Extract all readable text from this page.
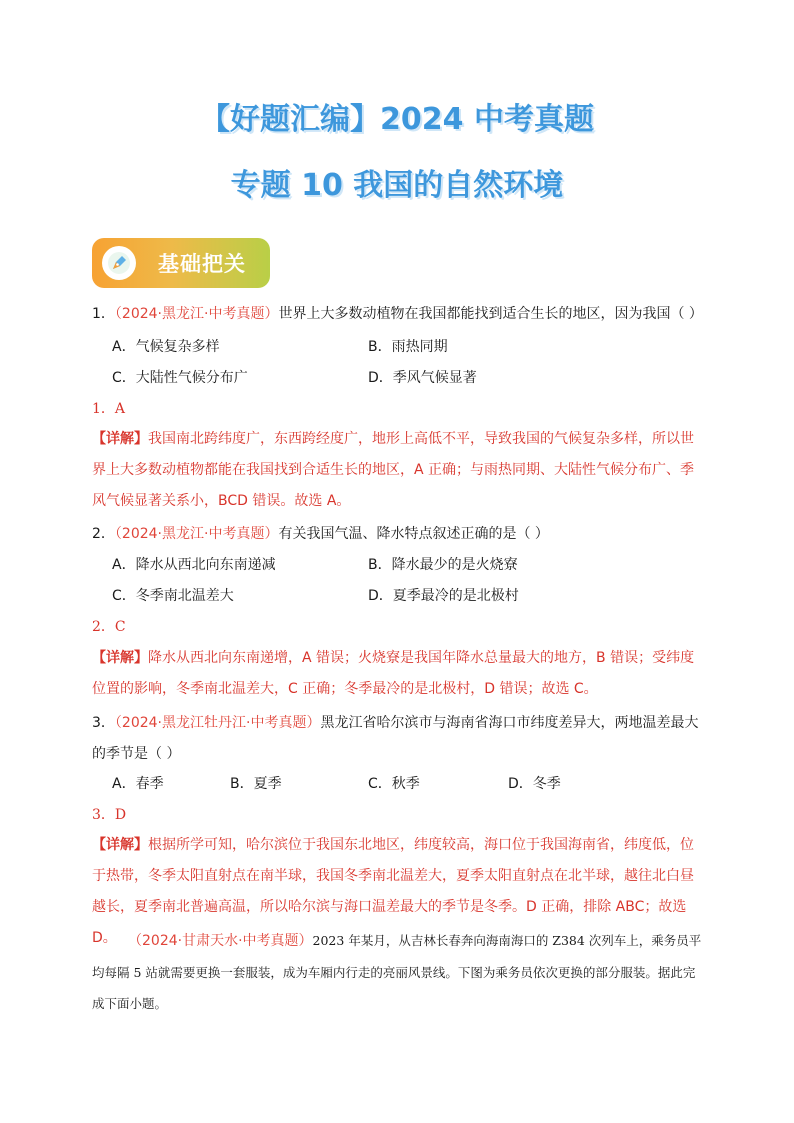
【好题汇编】2024 中考真题
专题 10 我国的自然环境
基础把关
1．（2024·黑龙江·中考真题）世界上大多数动植物在我国都能找到适合生长的地区，因为我国（ ）
A．气候复杂多样	B．雨热同期
C．大陆性气候分布广	D．季风气候显著
1．A
【详解】我国南北跨纬度广，东西跨经度广，地形上高低不平，导致我国的气候复杂多样，所以世界上大多数动植物都能在我国找到合适生长的地区，A 正确；与雨热同期、大陆性气候分布广、季风气候显著关系小，BCD 错误。故选 A。
2．（2024·黑龙江·中考真题）有关我国气温、降水特点叙述正确的是（ ）
A．降水从西北向东南递减	B．降水最少的是火烧寮
C．冬季南北温差大	D．夏季最冷的是北极村
2．C
【详解】降水从西北向东南递增，A 错误；火烧寮是我国年降水总量最大的地方，B 错误；受纬度位置的影响，冬季南北温差大，C 正确；冬季最冷的是北极村，D 错误；故选 C。
3．（2024·黑龙江牡丹江·中考真题）黑龙江省哈尔滨市与海南省海口市纬度差异大，两地温差最大的季节是（ ）
A．春季	B．夏季	C．秋季	D．冬季
3．D
【详解】根据所学可知，哈尔滨位于我国东北地区，纬度较高，海口位于我国海南省，纬度低，位于热带，冬季太阳直射点在南半球，我国冬季南北温差大，夏季太阳直射点在北半球，越往北白昼越长，夏季南北普遍高温，所以哈尔滨与海口温差最大的季节是冬季。D 正确，排除 ABC；故选 D。 （2024·甘肃天水·中考真题）2023 年某月，从吉林长春奔向海南海口的 Z384 次列车上，乘务员平均每隔 5 站就需要更换一套服装，成为车厢内行走的亮丽风景线。下图为乘务员依次更换的部分服装。据此完成下面小题。
